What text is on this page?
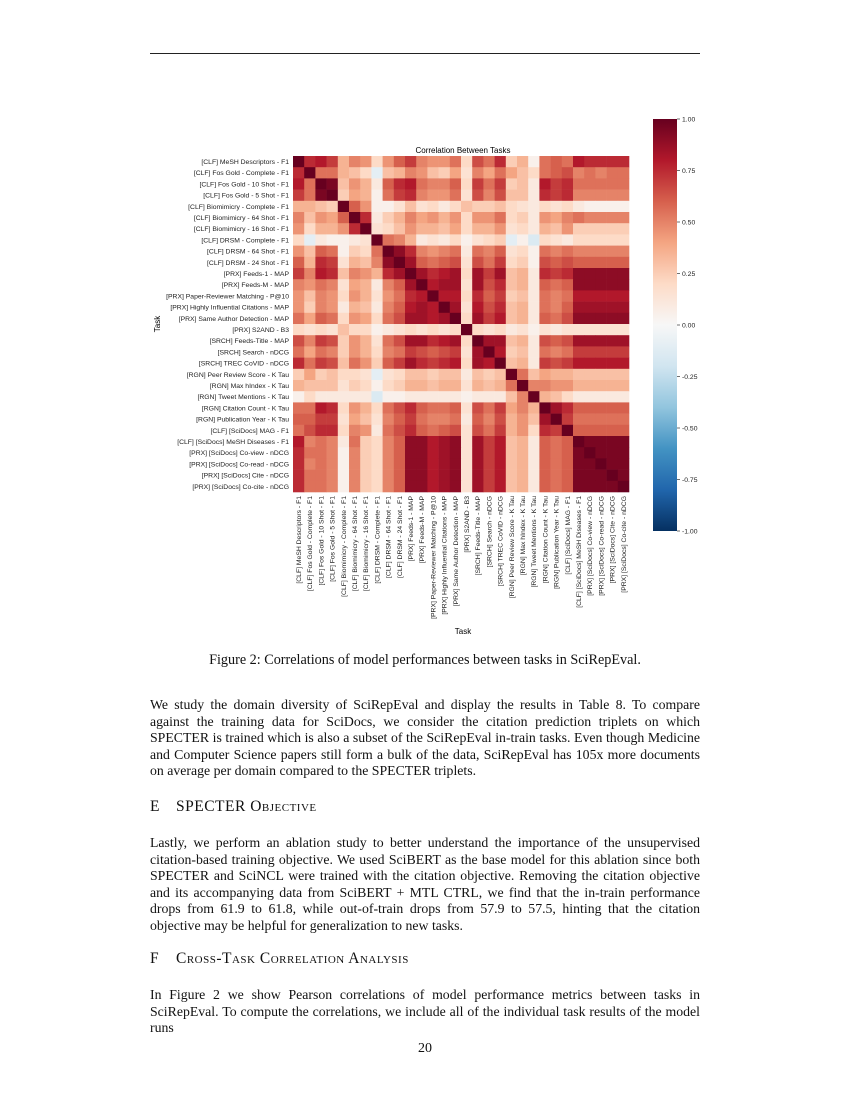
Correlation Between Tasks
[CLF] MeSH Descriptors - F1
[CLF] Fos Gold - Complete - F1
[CLF] Fos Gold - 10 Shot - F1
[CLF] Fos Gold - 5 Shot - F1
[CLF] Biomimicry - Complete - F1
[CLF] Biomimicry - 64 Shot - F1
[CLF] Biomimicry - 16 Shot - F1
[CLF] DRSM - Complete - F1
[CLF] DRSM - 64 Shot - F1
[CLF] DRSM - 24 Shot - F1
[PRX] Feeds-1 - MAP
[PRX] Feeds-M - MAP
[PRX] Paper-Reviewer Matching - P@10
[PRX] Highly Influential Citations - MAP
[PRX] Same Author Detection - MAP
[PRX] S2AND - B3
[SRCH] Feeds-Title - MAP
[SRCH] Search - nDCG
[SRCH] TREC CoVID - nDCG
[RGN] Peer Review Score - K Tau
[RGN] Max hIndex - K Tau
[RGN] Tweet Mentions - K Tau
[RGN] Citation Count - K Tau
[RGN] Publication Year - K Tau
[CLF] [SciDocs] MAG - F1
[CLF] [SciDocs] MeSH Diseases - F1
[PRX] [SciDocs] Co-view - nDCG
[PRX] [SciDocs] Co-read - nDCG
[PRX] [SciDocs] Cite - nDCG
[PRX] [SciDocs] Co-cite - nDCG
[CLF] MeSH Descriptors - F1 [CLF] Fos Gold - Complete - F1 [CLF] Fos Gold - 10 Shot - F1 [CLF] Fos Gold - 5 Shot - F1 [CLF] Biomimicry - Complete - F1 [CLF] Biomimicry - 64 Shot - F1 [CLF] Biomimicry - 16 Shot - F1 [CLF] DRSM - Complete - F1 [CLF] DRSM - 64 Shot - F1 [CLF] DRSM - 24 Shot - F1 [PRX] Feeds-1 - MAP [PRX] Feeds-M - MAP [PRX] Paper-Reviewer Matching - P@10 [PRX] Highly Influential Citations - MAP [PRX] Same Author Detection - MAP [PRX] S2AND - B3 [SRCH] Feeds-Title - MAP [SRCH] Search - nDCG [SRCH] TREC CoVID - nDCG [RGN] Peer Review Score - K Tau [RGN] Max hIndex - K Tau [RGN] Tweet Mentions - K Tau [RGN] Citation Count - K Tau [RGN] Publication Year - K Tau [CLF] [SciDocs] MAG - F1 [CLF] [SciDocs] MeSH Diseases - F1 [PRX] [SciDocs] Co-view - nDCG [PRX] [SciDocs] Co-read - nDCG [PRX] [SciDocs] Cite - nDCG [PRX] [SciDocs] Co-cite - nDCG
Task
Task
1.00
0.75
0.50
0.25
0.00
-0.25
-0.50
-0.75
-1.00
Figure 2: Correlations of model performances between tasks in SciRepEval.

We study the domain diversity of SciRepEval and display the results in Table 8. To compare against the training data for SciDocs, we consider the citation prediction triplets on which SPECTER is trained which is also a subset of the SciRepEval in-train tasks. Even though Medicine and Computer Science papers still form a bulk of the data, SciRepEval has 105x more documents on average per domain compared to the SPECTER triplets.

E SPECTER Objective

Lastly, we perform an ablation study to better understand the importance of the unsupervised citation-based training objective. We used SciBERT as the base model for this ablation since both SPECTER and SciNCL were trained with the citation objective. Removing the citation objective and its accompanying data from SciBERT + MTL CTRL, we find that the in-train performance drops from 61.9 to 61.8, while out-of-train drops from 57.9 to 57.5, hinting that the citation objective may be helpful for generalization to new tasks.

F Cross-Task Correlation Analysis

In Figure 2 we show Pearson correlations of model performance metrics between tasks in SciRepEval. To compute the correlations, we include all of the individual task results of the model runs

20
